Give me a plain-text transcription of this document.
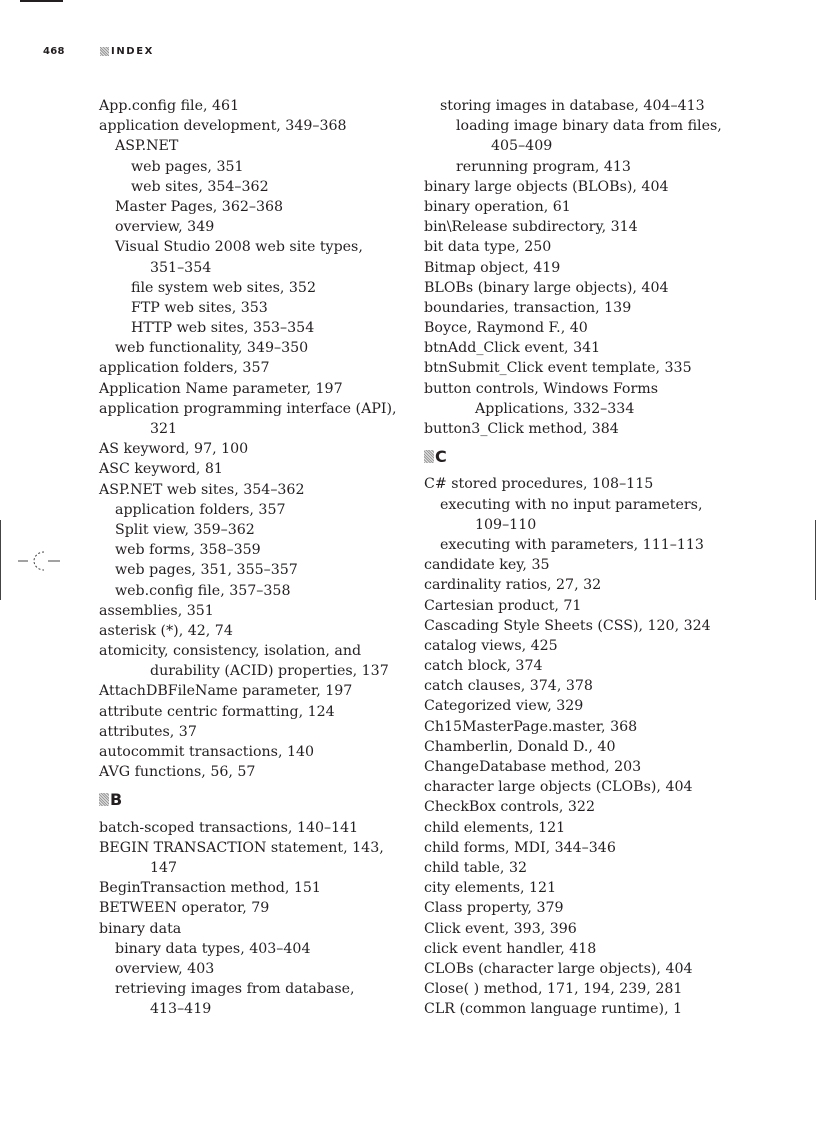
468	INDEX
App.config file, 461
application development, 349–368
ASP.NET
web pages, 351
web sites, 354–362
Master Pages, 362–368
overview, 349
Visual Studio 2008 web site types,
351–354
file system web sites, 352
FTP web sites, 353
HTTP web sites, 353–354
web functionality, 349–350
application folders, 357
Application Name parameter, 197
application programming interface (API),
321
AS keyword, 97, 100
ASC keyword, 81
ASP.NET web sites, 354–362
application folders, 357
Split view, 359–362
web forms, 358–359
web pages, 351, 355–357
web.config file, 357–358
assemblies, 351
asterisk (*), 42, 74
atomicity, consistency, isolation, and
durability (ACID) properties, 137
AttachDBFileName parameter, 197
attribute centric formatting, 124
attributes, 37
autocommit transactions, 140
AVG functions, 56, 57
B
batch-scoped transactions, 140–141
BEGIN TRANSACTION statement, 143,
147
BeginTransaction method, 151
BETWEEN operator, 79
binary data
binary data types, 403–404
overview, 403
retrieving images from database,
413–419
storing images in database, 404–413
loading image binary data from files,
405–409
rerunning program, 413
binary large objects (BLOBs), 404
binary operation, 61
bin\Release subdirectory, 314
bit data type, 250
Bitmap object, 419
BLOBs (binary large objects), 404
boundaries, transaction, 139
Boyce, Raymond F., 40
btnAdd_Click event, 341
btnSubmit_Click event template, 335
button controls, Windows Forms
Applications, 332–334
button3_Click method, 384
C
C# stored procedures, 108–115
executing with no input parameters,
109–110
executing with parameters, 111–113
candidate key, 35
cardinality ratios, 27, 32
Cartesian product, 71
Cascading Style Sheets (CSS), 120, 324
catalog views, 425
catch block, 374
catch clauses, 374, 378
Categorized view, 329
Ch15MasterPage.master, 368
Chamberlin, Donald D., 40
ChangeDatabase method, 203
character large objects (CLOBs), 404
CheckBox controls, 322
child elements, 121
child forms, MDI, 344–346
child table, 32
city elements, 121
Class property, 379
Click event, 393, 396
click event handler, 418
CLOBs (character large objects), 404
Close( ) method, 171, 194, 239, 281
CLR (common language runtime), 1
